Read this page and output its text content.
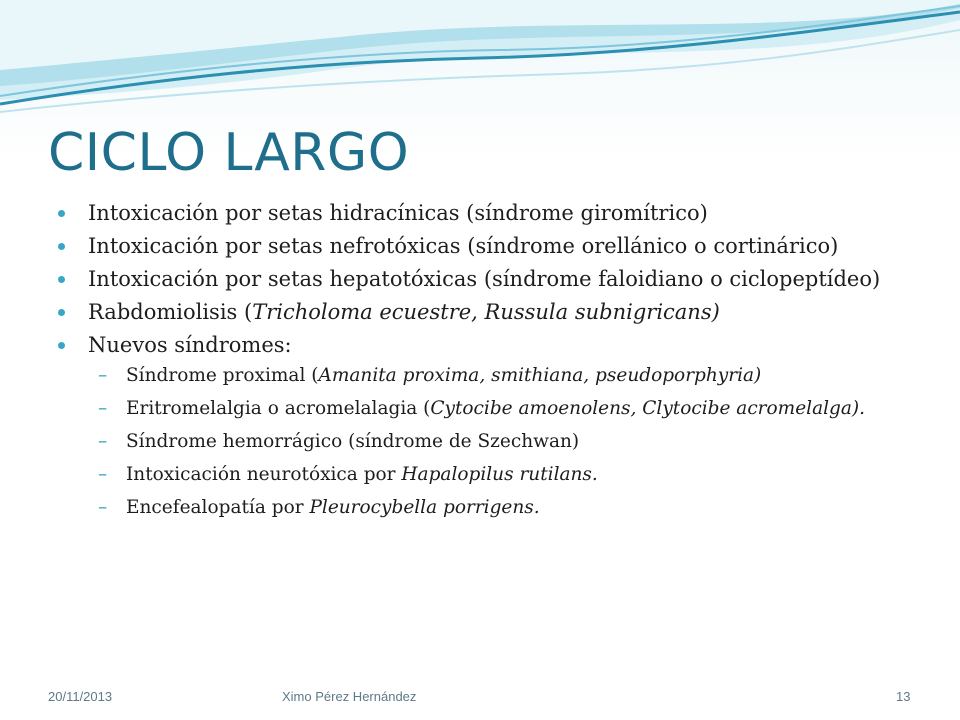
CICLO LARGO
Intoxicación por setas hidracínicas (síndrome giromítrico)
Intoxicación por setas nefrotóxicas (síndrome orellánico o cortinárico)
Intoxicación por setas hepatotóxicas (síndrome faloidiano o ciclopeptídeo)
Rabdomiolisis (Tricholoma ecuestre, Russula subnigricans)
Nuevos síndromes:
– Síndrome proximal (Amanita proxima, smithiana, pseudoporphyria)
– Eritromelalgia o acromelalagia (Cytocibe amoenolens, Clytocibe acromelalga).
– Síndrome hemorrágico (síndrome de Szechwan)
– Intoxicación neurotóxica por Hapalopilus rutilans.
– Encefealopatía por Pleurocybella porrigens.
20/11/2013	Ximo Pérez Hernández	13
